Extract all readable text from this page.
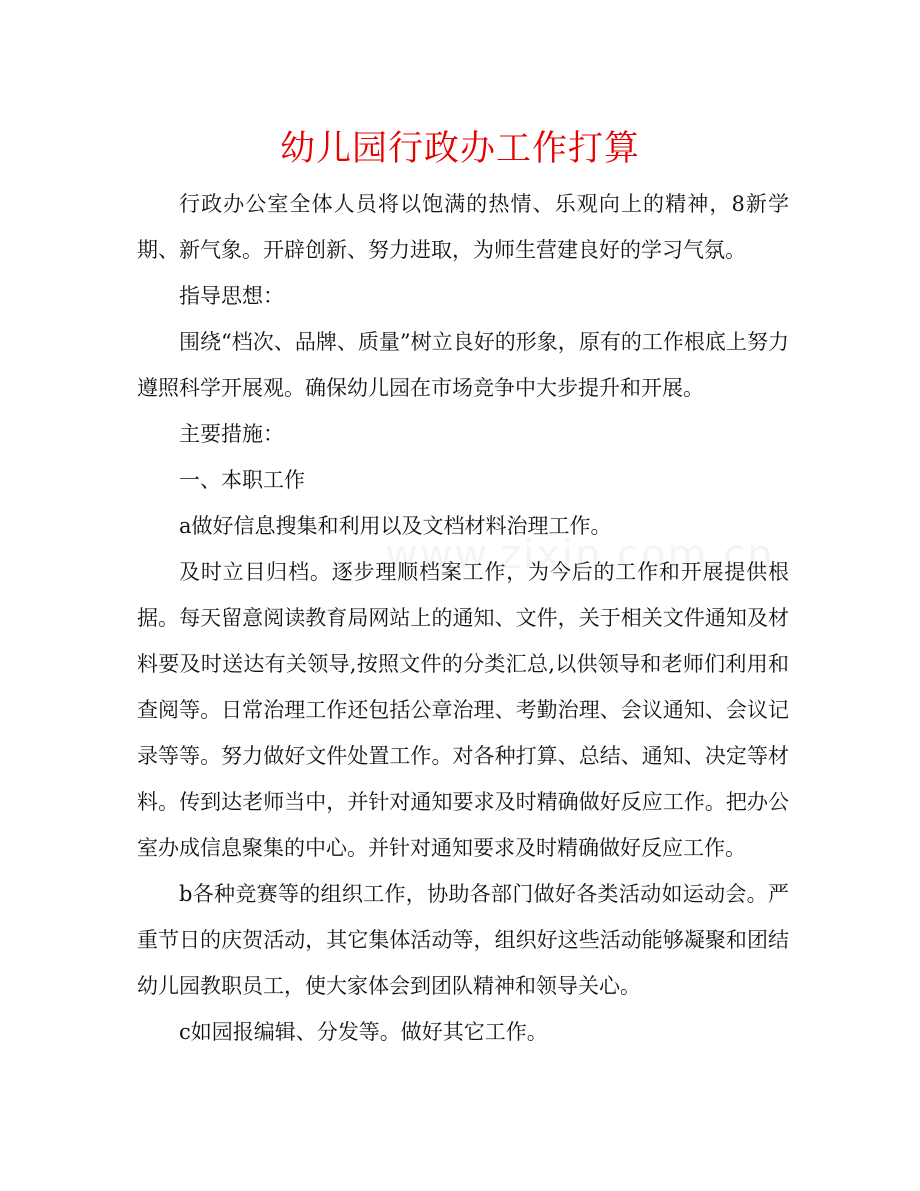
幼儿园行政办工作打算

行政办公室全体人员将以饱满的热情、乐观向上的精神，8新学期、新气象。开辟创新、努力进取，为师生营建良好的学习气氛。

指导思想：

围绕“档次、品牌、质量”树立良好的形象，原有的工作根底上努力遵照科学开展观。确保幼儿园在市场竞争中大步提升和开展。

主要措施：

一、本职工作

a做好信息搜集和利用以及文档材料治理工作。

及时立目归档。逐步理顺档案工作，为今后的工作和开展提供根据。每天留意阅读教育局网站上的通知、文件，关于相关文件通知及材料要及时送达有关领导,按照文件的分类汇总,以供领导和老师们利用和查阅等。日常治理工作还包括公章治理、考勤治理、会议通知、会议记录等等。努力做好文件处置工作。对各种打算、总结、通知、决定等材料。传到达老师当中，并针对通知要求及时精确做好反应工作。把办公室办成信息聚集的中心。并针对通知要求及时精确做好反应工作。

b各种竞赛等的组织工作，协助各部门做好各类活动如运动会。严重节日的庆贺活动，其它集体活动等，组织好这些活动能够凝聚和团结幼儿园教职员工，使大家体会到团队精神和领导关心。

c如园报编辑、分发等。做好其它工作。
